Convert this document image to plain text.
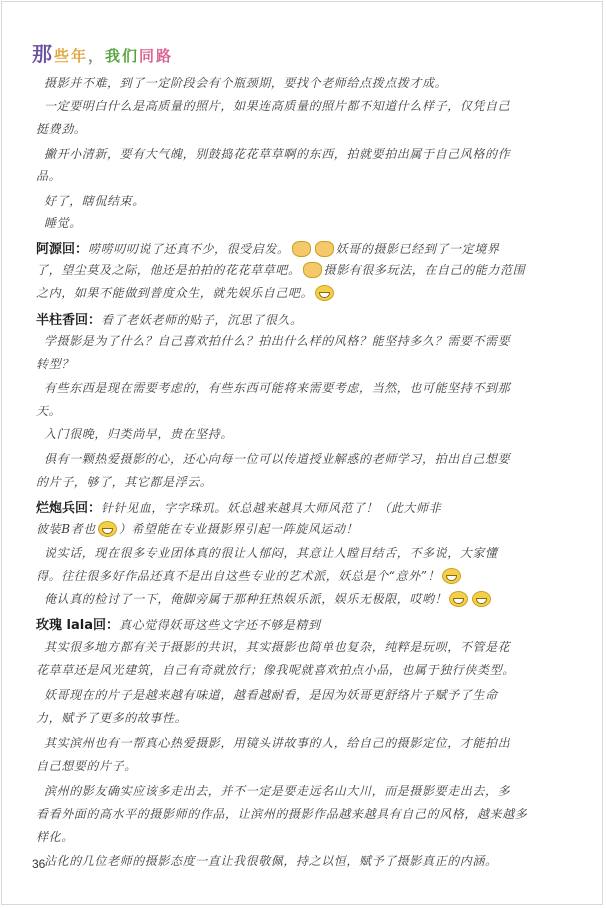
那些年，我们同路
摄影并不难，到了一定阶段会有个瓶颈期，要找个老师给点拨点拨才成。
一定要明白什么是高质量的照片，如果连高质量的照片都不知道什么样子，仅凭自己
挺费劲。
撇开小清新，要有大气魄，别鼓捣花花草草啊的东西，拍就要拍出属于自己风格的作
品。
好了，瞎侃结束。
睡觉。
阿源回：唠唠叨叨说了还真不少，很受启发。	妖哥的摄影已经到了一定境界
了，望尘莫及之际，他还是拍拍的花花草草吧。 摄影有很多玩法，在自己的能力范围
之内，如果不能做到普度众生，就先娱乐自己吧。
半柱香回：看了老妖老师的贴子，沉思了很久。
学摄影是为了什么？自己喜欢拍什么？拍出什么样的风格？能坚持多久？需要不需要
转型？
有些东西是现在需要考虑的，有些东西可能将来需要考虑，当然，也可能坚持不到那
天。
入门很晚，归类尚早，贵在坚持。
俱有一颗热爱摄影的心，还心向每一位可以传道授业解惑的老师学习，拍出自己想要
的片子，够了，其它都是浮云。
烂炮兵回：针针见血，字字珠玑。妖总越来越具大师风范了！（此大师非
彼装B者也 ）希望能在专业摄影界引起一阵旋风运动！
说实话，现在很多专业团体真的很让人郁闷，其意让人瞠目结舌，不多说，大家懂
得。往往很多好作品还真不是出自这些专业的艺术派，妖总是个“意外”！
俺认真的检讨了一下，俺脚旁属于那种狂热娱乐派，娱乐无极限，哎哟！
玫瑰 lala回：真心觉得妖哥这些文字还不够是精到
其实很多地方都有关于摄影的共识，其实摄影也简单也复杂，纯粹是玩呗，不管是花
花草草还是风光建筑，自己有奇就放行；像我呢就喜欢拍点小品，也属于独行侠类型。
妖哥现在的片子是越来越有味道，越看越耐看，是因为妖哥更舒络片子赋予了生命
力，赋予了更多的故事性。
其实滨州也有一帮真心热爱摄影，用镜头讲故事的人，给自己的摄影定位，才能拍出
自己想要的片子。
滨州的影友确实应该多走出去，并不一定是要走远名山大川，而是摄影要走出去，多
看看外面的高水平的摄影师的作品，让滨州的摄影作品越来越具有自己的风格，越来越多
样化。
沾化的几位老师的摄影态度一直让我很敬佩，持之以恒，赋予了摄影真正的内涵。
36
